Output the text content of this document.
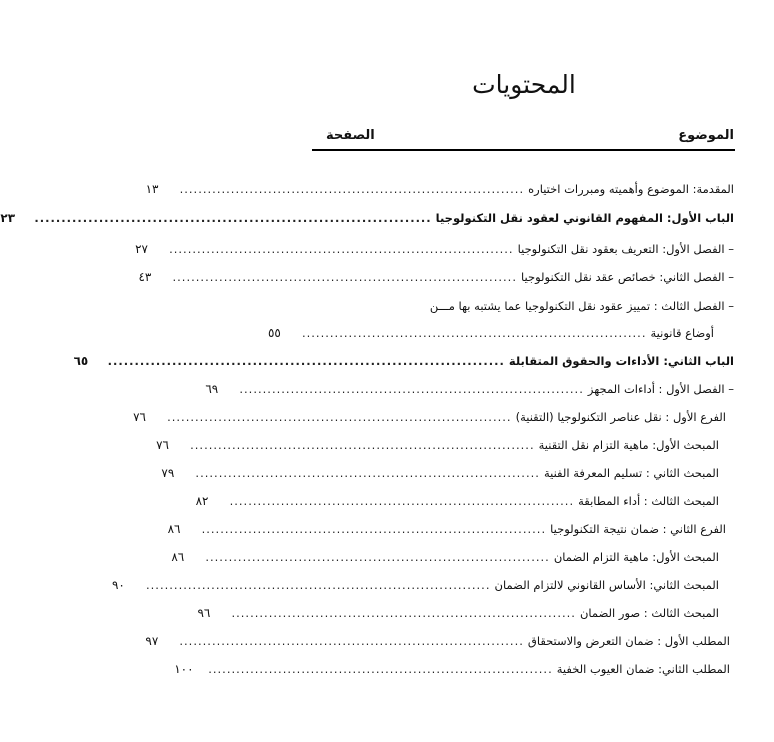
المحتويات
الموضوع
الصفحة
المقدمة: الموضوع وأهميته ومبررات اختياره
..........................................................................
١٣
الباب الأول: المفهوم القانوني لعقود نقل التكنولوجيا
..........................................................................
٢٣
– الفصل الأول: التعريف بعقود نقل التكنولوجيا
..........................................................................
٢٧
– الفصل الثاني: خصائص عقد نقل التكنولوجيا
..........................................................................
٤٣
– الفصل الثالث : تمييز عقود نقل التكنولوجيا عما يشتبه بها مـــن
أوضاع قانونية
..........................................................................
٥٥
الباب الثاني: الأداءات والحقوق المتقابلة
..........................................................................
٦٥
– الفصل الأول : أداءات المجهز
..........................................................................
٦٩
الفرع الأول : نقل عناصر التكنولوجيا (التقنية)
..........................................................................
٧٦
المبحث الأول: ماهية التزام نقل التقنية
..........................................................................
٧٦
المبحث الثاني : تسليم المعرفة الفنية
..........................................................................
٧٩
المبحث الثالث : أداء المطابقة
..........................................................................
٨٢
الفرع الثاني : ضمان نتيجة التكنولوجيا
..........................................................................
٨٦
المبحث الأول: ماهية التزام الضمان
..........................................................................
٨٦
المبحث الثاني: الأساس القانوني لالتزام الضمان
..........................................................................
٩٠
المبحث الثالث : صور الضمان
..........................................................................
٩٦
المطلب الأول : ضمان التعرض والاستحقاق
..........................................................................
٩٧
المطلب الثاني: ضمان العيوب الخفية
..........................................................................
١٠٠
